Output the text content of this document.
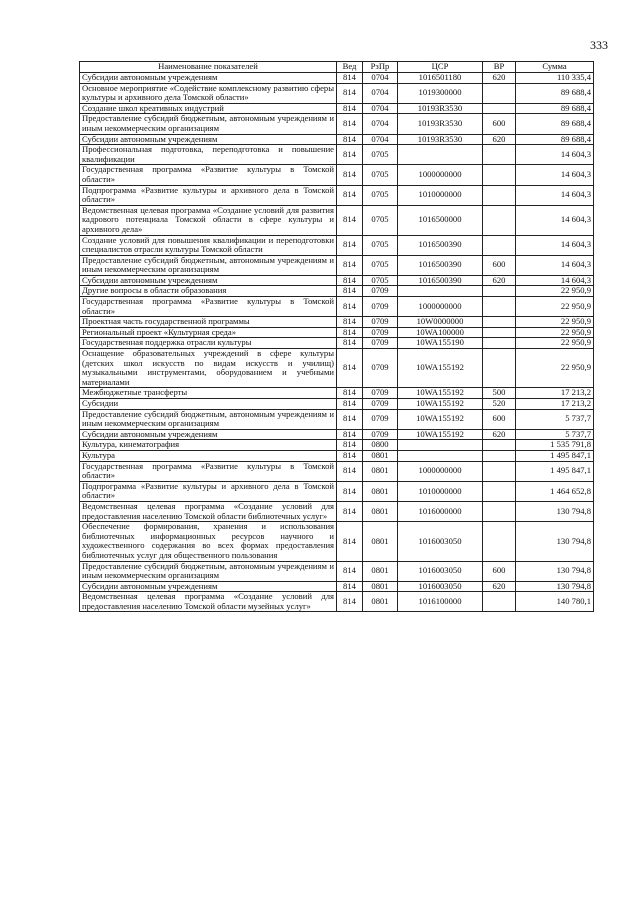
333
Наименование показателей	Вед	РзПр	ЦСР	ВР	Сумма
Субсидии автономным учреждениям	814	0704	1016501180	620	110 335,4
Основное мероприятие «Содействие комплексному развитию сферы культуры и архивного дела Томской области»	814	0704	1019300000		89 688,4
Создание школ креативных индустрий	814	0704	10193R3530		89 688,4
Предоставление субсидий бюджетным, автономным учреждениям и иным некоммерческим организациям	814	0704	10193R3530	600	89 688,4
Субсидии автономным учреждениям	814	0704	10193R3530	620	89 688,4
Профессиональная подготовка, переподготовка и повышение квалификации	814	0705			14 604,3
Государственная программа «Развитие культуры в Томской области»	814	0705	1000000000		14 604,3
Подпрограмма «Развитие культуры и архивного дела в Томской области»	814	0705	1010000000		14 604,3
Ведомственная целевая программа «Создание условий для развития кадрового потенциала Томской области в сфере культуры и архивного дела»	814	0705	1016500000		14 604,3
Создание условий для повышения квалификации и переподготовки специалистов отрасли культуры Томской области	814	0705	1016500390		14 604,3
Предоставление субсидий бюджетным, автономным учреждениям и иным некоммерческим организациям	814	0705	1016500390	600	14 604,3
Субсидии автономным учреждениям	814	0705	1016500390	620	14 604,3
Другие вопросы в области образования	814	0709			22 950,9
Государственная программа «Развитие культуры в Томской области»	814	0709	1000000000		22 950,9
Проектная часть государственной программы	814	0709	10W0000000		22 950,9
Региональный проект «Культурная среда»	814	0709	10WA100000		22 950,9
Государственная поддержка отрасли культуры	814	0709	10WA155190		22 950,9
Оснащение образовательных учреждений в сфере культуры (детских школ искусств по видам искусств и училищ) музыкальными инструментами, оборудованием и учебными материалами	814	0709	10WA155192		22 950,9
Межбюджетные трансферты	814	0709	10WA155192	500	17 213,2
Субсидии	814	0709	10WA155192	520	17 213,2
Предоставление субсидий бюджетным, автономным учреждениям и иным некоммерческим организациям	814	0709	10WA155192	600	5 737,7
Субсидии автономным учреждениям	814	0709	10WA155192	620	5 737,7
Культура, кинематография	814	0800			1 535 791,8
Культура	814	0801			1 495 847,1
Государственная программа «Развитие культуры в Томской области»	814	0801	1000000000		1 495 847,1
Подпрограмма «Развитие культуры и архивного дела в Томской области»	814	0801	1010000000		1 464 652,8
Ведомственная целевая программа «Создание условий для предоставления населению Томской области библиотечных услуг»	814	0801	1016000000		130 794,8
Обеспечение формирования, хранения и использования библиотечных информационных ресурсов научного и художественного содержания во всех формах предоставления библиотечных услуг для общественного пользования	814	0801	1016003050		130 794,8
Предоставление субсидий бюджетным, автономным учреждениям и иным некоммерческим организациям	814	0801	1016003050	600	130 794,8
Субсидии автономным учреждениям	814	0801	1016003050	620	130 794,8
Ведомственная целевая программа «Создание условий для предоставления населению Томской области музейных услуг»	814	0801	1016100000		140 780,1
